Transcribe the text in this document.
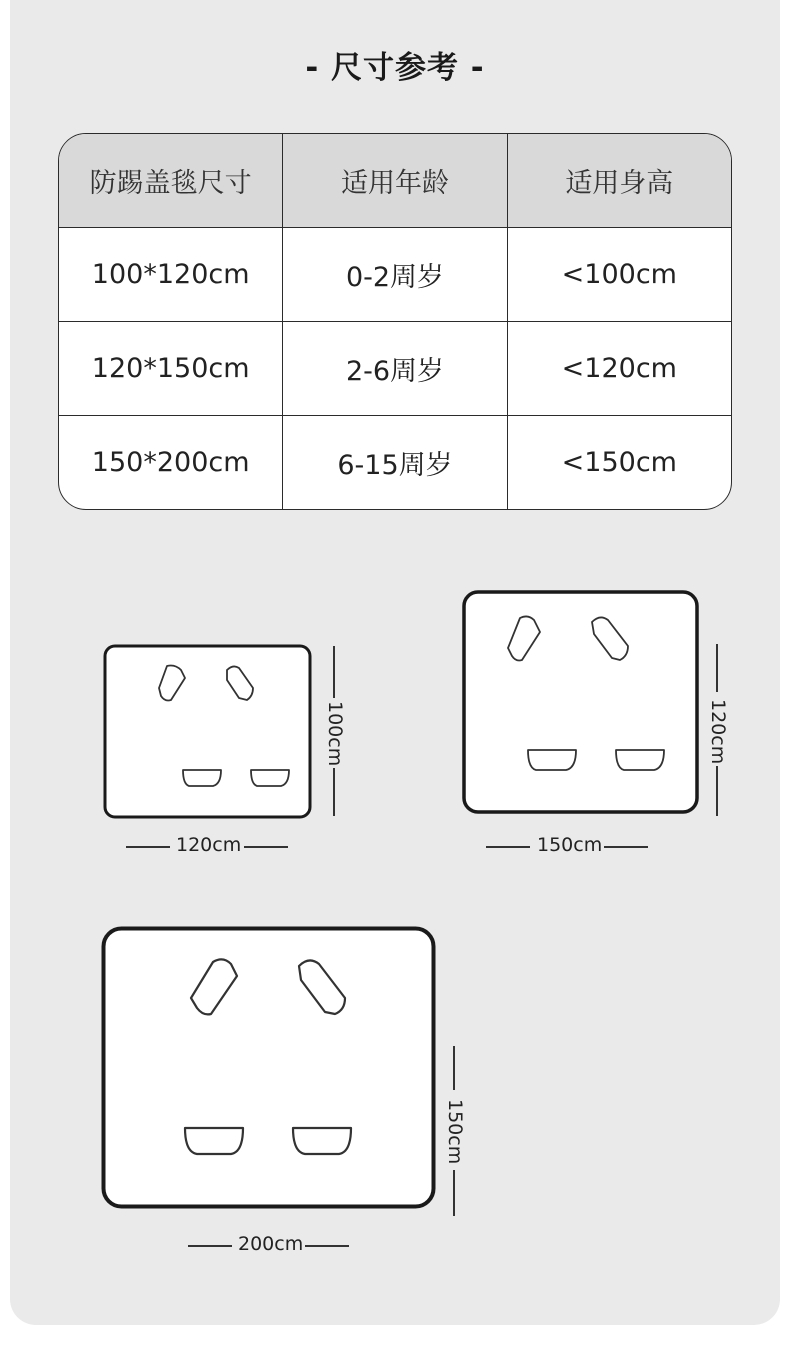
- 尺寸参考 -
防踢盖毯尺寸	适用年龄	适用身高
100*120cm	0-2周岁	<100cm
120*150cm	2-6周岁	<120cm
150*200cm	6-15周岁	<150cm
100cm
120cm
120cm
150cm
150cm
200cm
